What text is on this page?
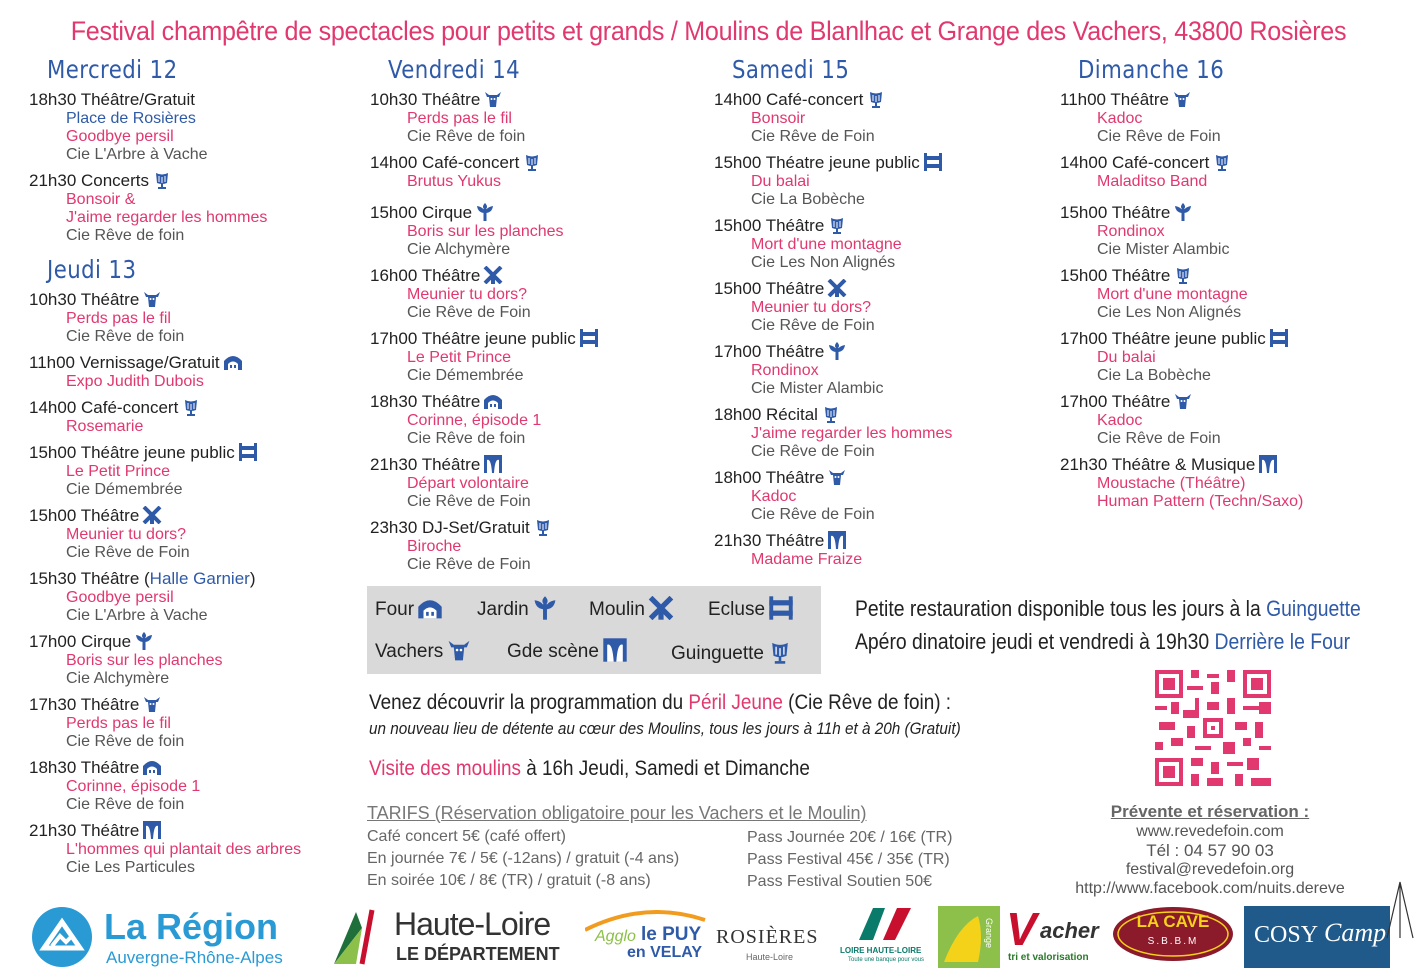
Festival champêtre de spectacles pour petits et grands / Moulins de Blanlhac et Grange des Vachers, 43800 Rosières
Mercredi 12
18h30 Théâtre/Gratuit
Place de Rosières
Goodbye persil
Cie L'Arbre à Vache
21h30 Concerts
Bonsoir &
J'aime regarder les hommes
Cie Rêve de foin
Jeudi 13
10h30 Théâtre
Perds pas le fil
Cie Rêve de foin
11h00 Vernissage/Gratuit
Expo Judith Dubois
14h00 Café-concert
Rosemarie
15h00 Théâtre jeune public
Le Petit Prince
Cie Démembrée
15h00 Théâtre
Meunier tu dors?
Cie Rêve de Foin
15h30 Théâtre (Halle Garnier)
Goodbye persil
Cie L'Arbre à Vache
17h00 Cirque
Boris sur les planches
Cie Alchymère
17h30 Théâtre
Perds pas le fil
Cie Rêve de foin
18h30 Théâtre
Corinne, épisode 1
Cie Rêve de foin
21h30 Théâtre
L'hommes qui plantait des arbres
Cie Les Particules
Vendredi 14
10h30 Théâtre
Perds pas le fil
Cie Rêve de foin
14h00 Café-concert
Brutus Yukus
15h00 Cirque
Boris sur les planches
Cie Alchymère
16h00 Théâtre
Meunier tu dors?
Cie Rêve de Foin
17h00 Théâtre jeune public
Le Petit Prince
Cie Démembrée
18h30 Théâtre
Corinne, épisode 1
Cie Rêve de foin
21h30 Théâtre
Départ volontaire
Cie Rêve de Foin
23h30 DJ-Set/Gratuit
Biroche
Cie Rêve de Foin
Samedi 15
14h00 Café-concert
Bonsoir
Cie Rêve de Foin
15h00 Théatre jeune public
Du balai
Cie La Bobèche
15h00 Théâtre
Mort d'une montagne
Cie Les Non Alignés
15h00 Théâtre
Meunier tu dors?
Cie Rêve de Foin
17h00 Théâtre
Rondinox
Cie Mister Alambic
18h00 Récital
J'aime regarder les hommes
Cie Rêve de Foin
18h00 Théâtre
Kadoc
Cie Rêve de Foin
21h30 Théâtre
Madame Fraize
Dimanche 16
11h00 Théâtre
Kadoc
Cie Rêve de Foin
14h00 Café-concert
Maladitso Band
15h00 Théâtre
Rondinox
Cie Mister Alambic
15h00 Théâtre
Mort d'une montagne
Cie Les Non Alignés
17h00 Théâtre jeune public
Du balai
Cie La Bobèche
17h00 Théâtre
Kadoc
Cie Rêve de Foin
21h30 Théâtre & Musique
Moustache (Théâtre)
Human Pattern (Techn/Saxo)
Four	Jardin	Moulin	Ecluse
Vachers	Gde scène	Guinguette
Petite restauration disponible tous les jours à la Guinguette
Apéro dinatoire jeudi et vendredi à 19h30 Derrière le Four
Venez découvrir la programmation du Péril Jeune (Cie Rêve de foin) :
un nouveau lieu de détente au cœur des Moulins, tous les jours à 11h et à 20h (Gratuit)
Visite des moulins à 16h Jeudi, Samedi et Dimanche
TARIFS (Réservation obligatoire pour les Vachers et le Moulin)
Café concert 5€ (café offert)
En journée 7€ / 5€ (-12ans) / gratuit (-4 ans)
En soirée 10€ / 8€ (TR) / gratuit (-8 ans)
Pass Journée 20€ / 16€ (TR)
Pass Festival 45€ / 35€ (TR)
Pass Festival Soutien 50€
Prévente et réservation :
www.revedefoin.com
Tél : 04 57 90 03
festival@revedefoin.org
http://www.facebook.com/nuits.dereve
La Région
Auvergne-Rhône-Alpes
Haute-Loire
LE DÉPARTEMENT
Agglo le PUY
en VELAY
ROSIÈRES
Haute-Loire
LOIRE HAUTE-LOIRE
Toute une banque pour vous
Grange V acher
tri et valorisation
LA CAVE
S.B.B.M	COSY Camp
